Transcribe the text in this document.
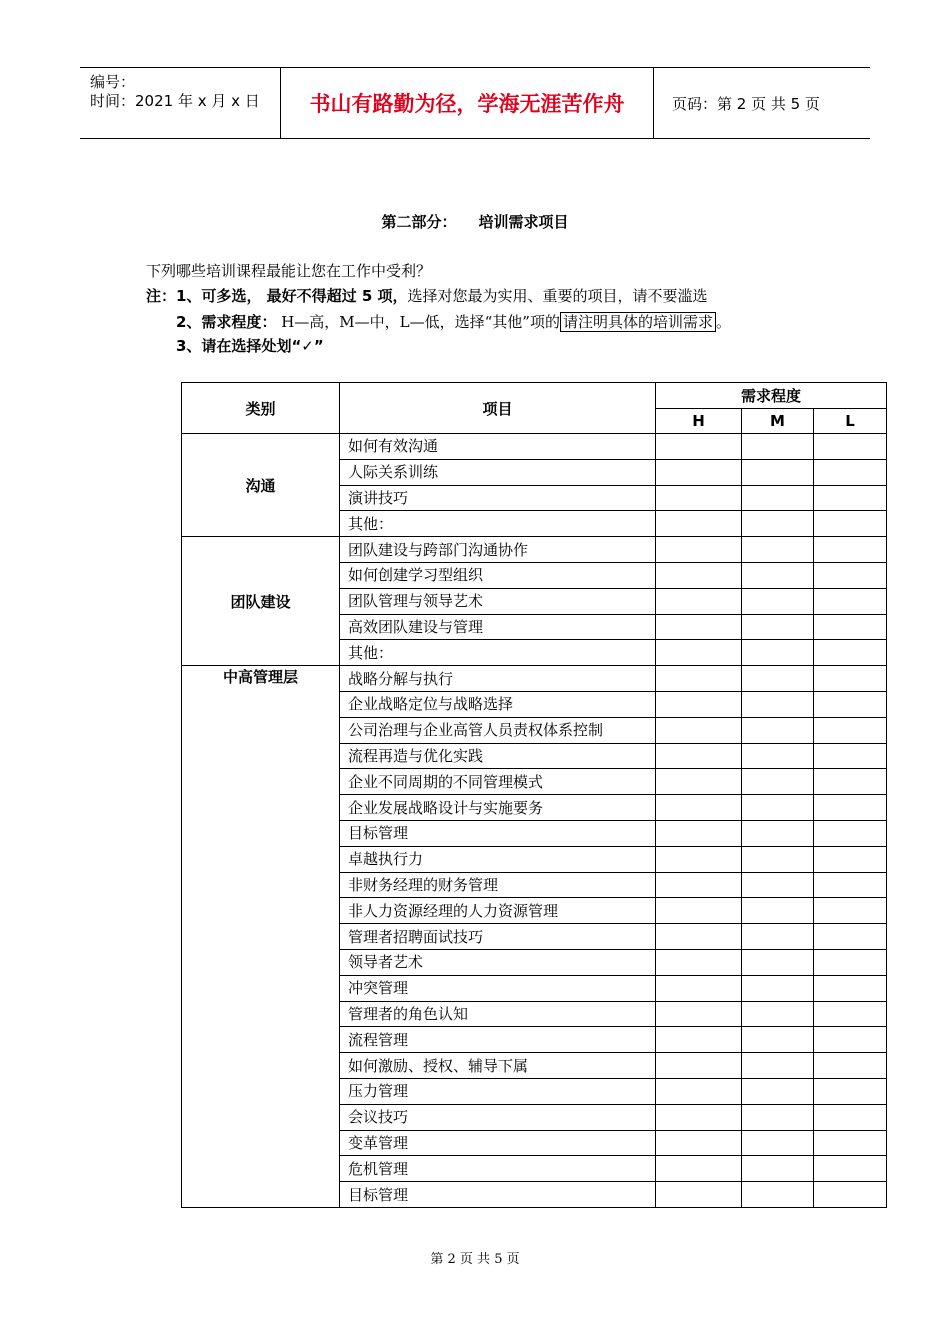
编号：
时间：2021 年 x 月 x 日	书山有路勤为径，学海无涯苦作舟	页码：第 2 页 共 5 页
第二部分： 培训需求项目
下列哪些培训课程最能让您在工作中受利？
注：1、可多选， 最好不得超过 5 项，选择对您最为实用、重要的项目，请不要滥选
2、需求程度： H—高，M—中，L—低，选择“其他”项的 请注明具体的培训需求 。
3、请在选择处划“✓”
类别	项目	需求程度		
		H	M	L
沟通	如何有效沟通			
	人际关系训练			
	演讲技巧			
	其他：			
团队建设	团队建设与跨部门沟通协作			
	如何创建学习型组织			
	团队管理与领导艺术			
	高效团队建设与管理			
	其他：			
中高管理层	战略分解与执行			
	企业战略定位与战略选择			
	公司治理与企业高管人员责权体系控制			
	流程再造与优化实践			
	企业不同周期的不同管理模式			
	企业发展战略设计与实施要务			
	目标管理			
	卓越执行力			
	非财务经理的财务管理			
	非人力资源经理的人力资源管理			
	管理者招聘面试技巧			
	领导者艺术			
	冲突管理			
	管理者的角色认知			
	流程管理			
	如何激励、授权、辅导下属			
	压力管理			
	会议技巧			
	变革管理			
	危机管理			
	目标管理			
第 2 页 共 5 页
